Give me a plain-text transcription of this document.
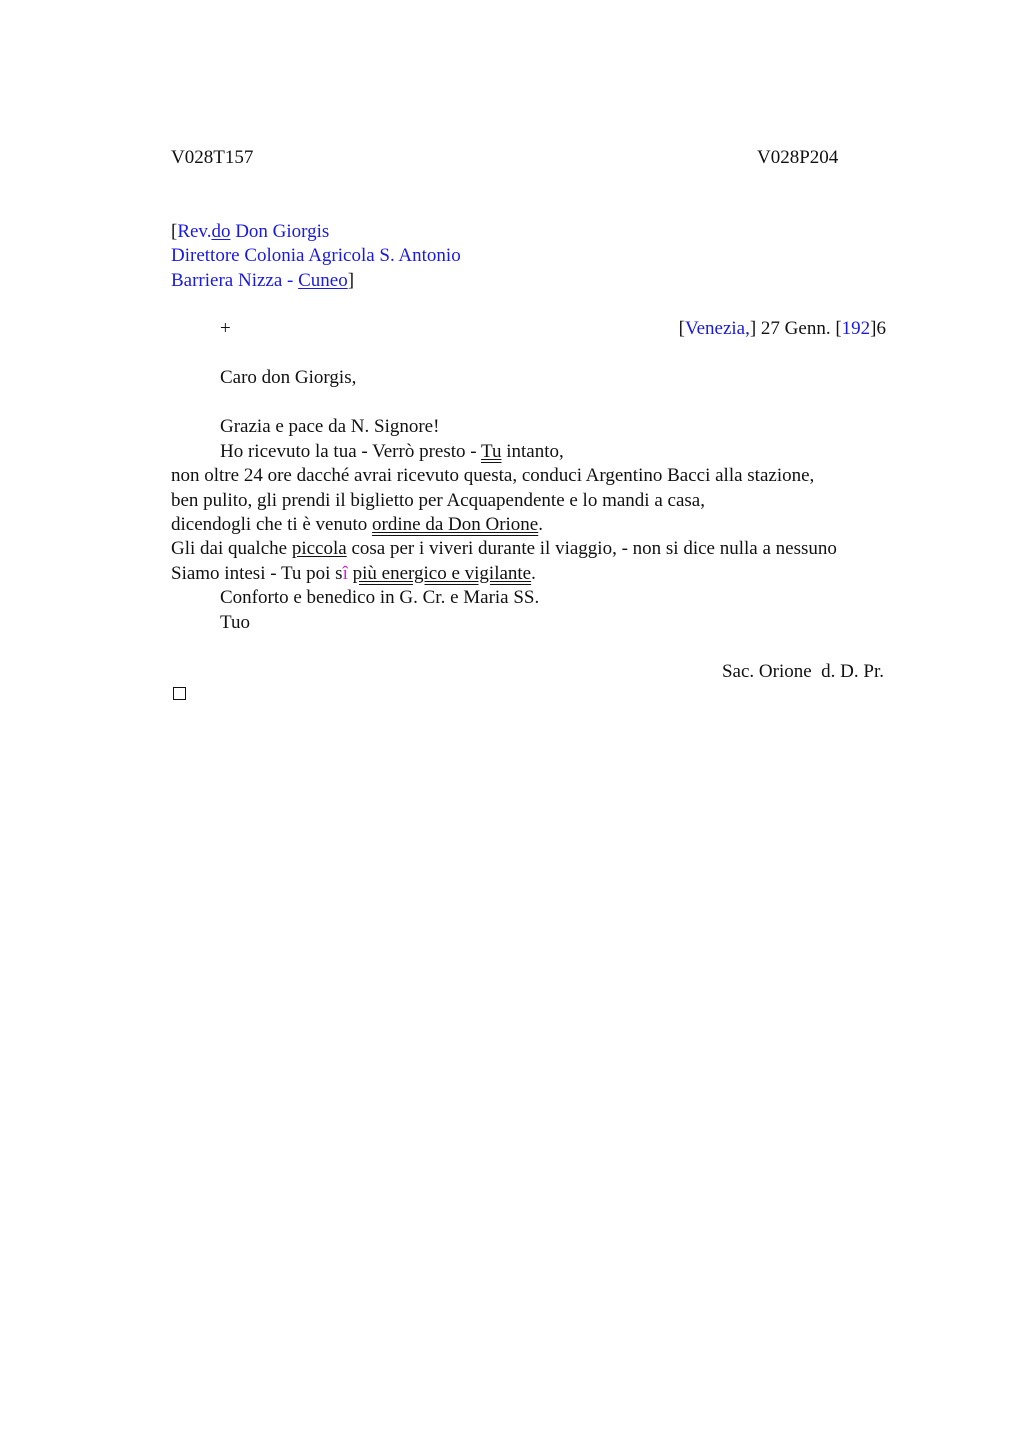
V028T157	V028P204
[Rev.do Don Giorgis
Direttore Colonia Agricola S. Antonio
Barriera Nizza - Cuneo]
+	[Venezia,] 27 Genn. [192]6
Caro don Giorgis,
Grazia e pace da N. Signore!
Ho ricevuto la tua - Verrò presto - Tu intanto,
non oltre 24 ore dacché avrai ricevuto questa, conduci Argentino Bacci alla stazione,
ben pulito, gli prendi il biglietto per Acquapendente e lo mandi a casa,
dicendogli che ti è venuto ordine da Don Orione.
Gli dai qualche piccola cosa per i viveri durante il viaggio, - non si dice nulla a nessuno
Siamo intesi - Tu poi sî più energico e vigilante.
Conforto e benedico in G. Cr. e Maria SS.
Tuo
Sac. Orione  d. D. Pr.
